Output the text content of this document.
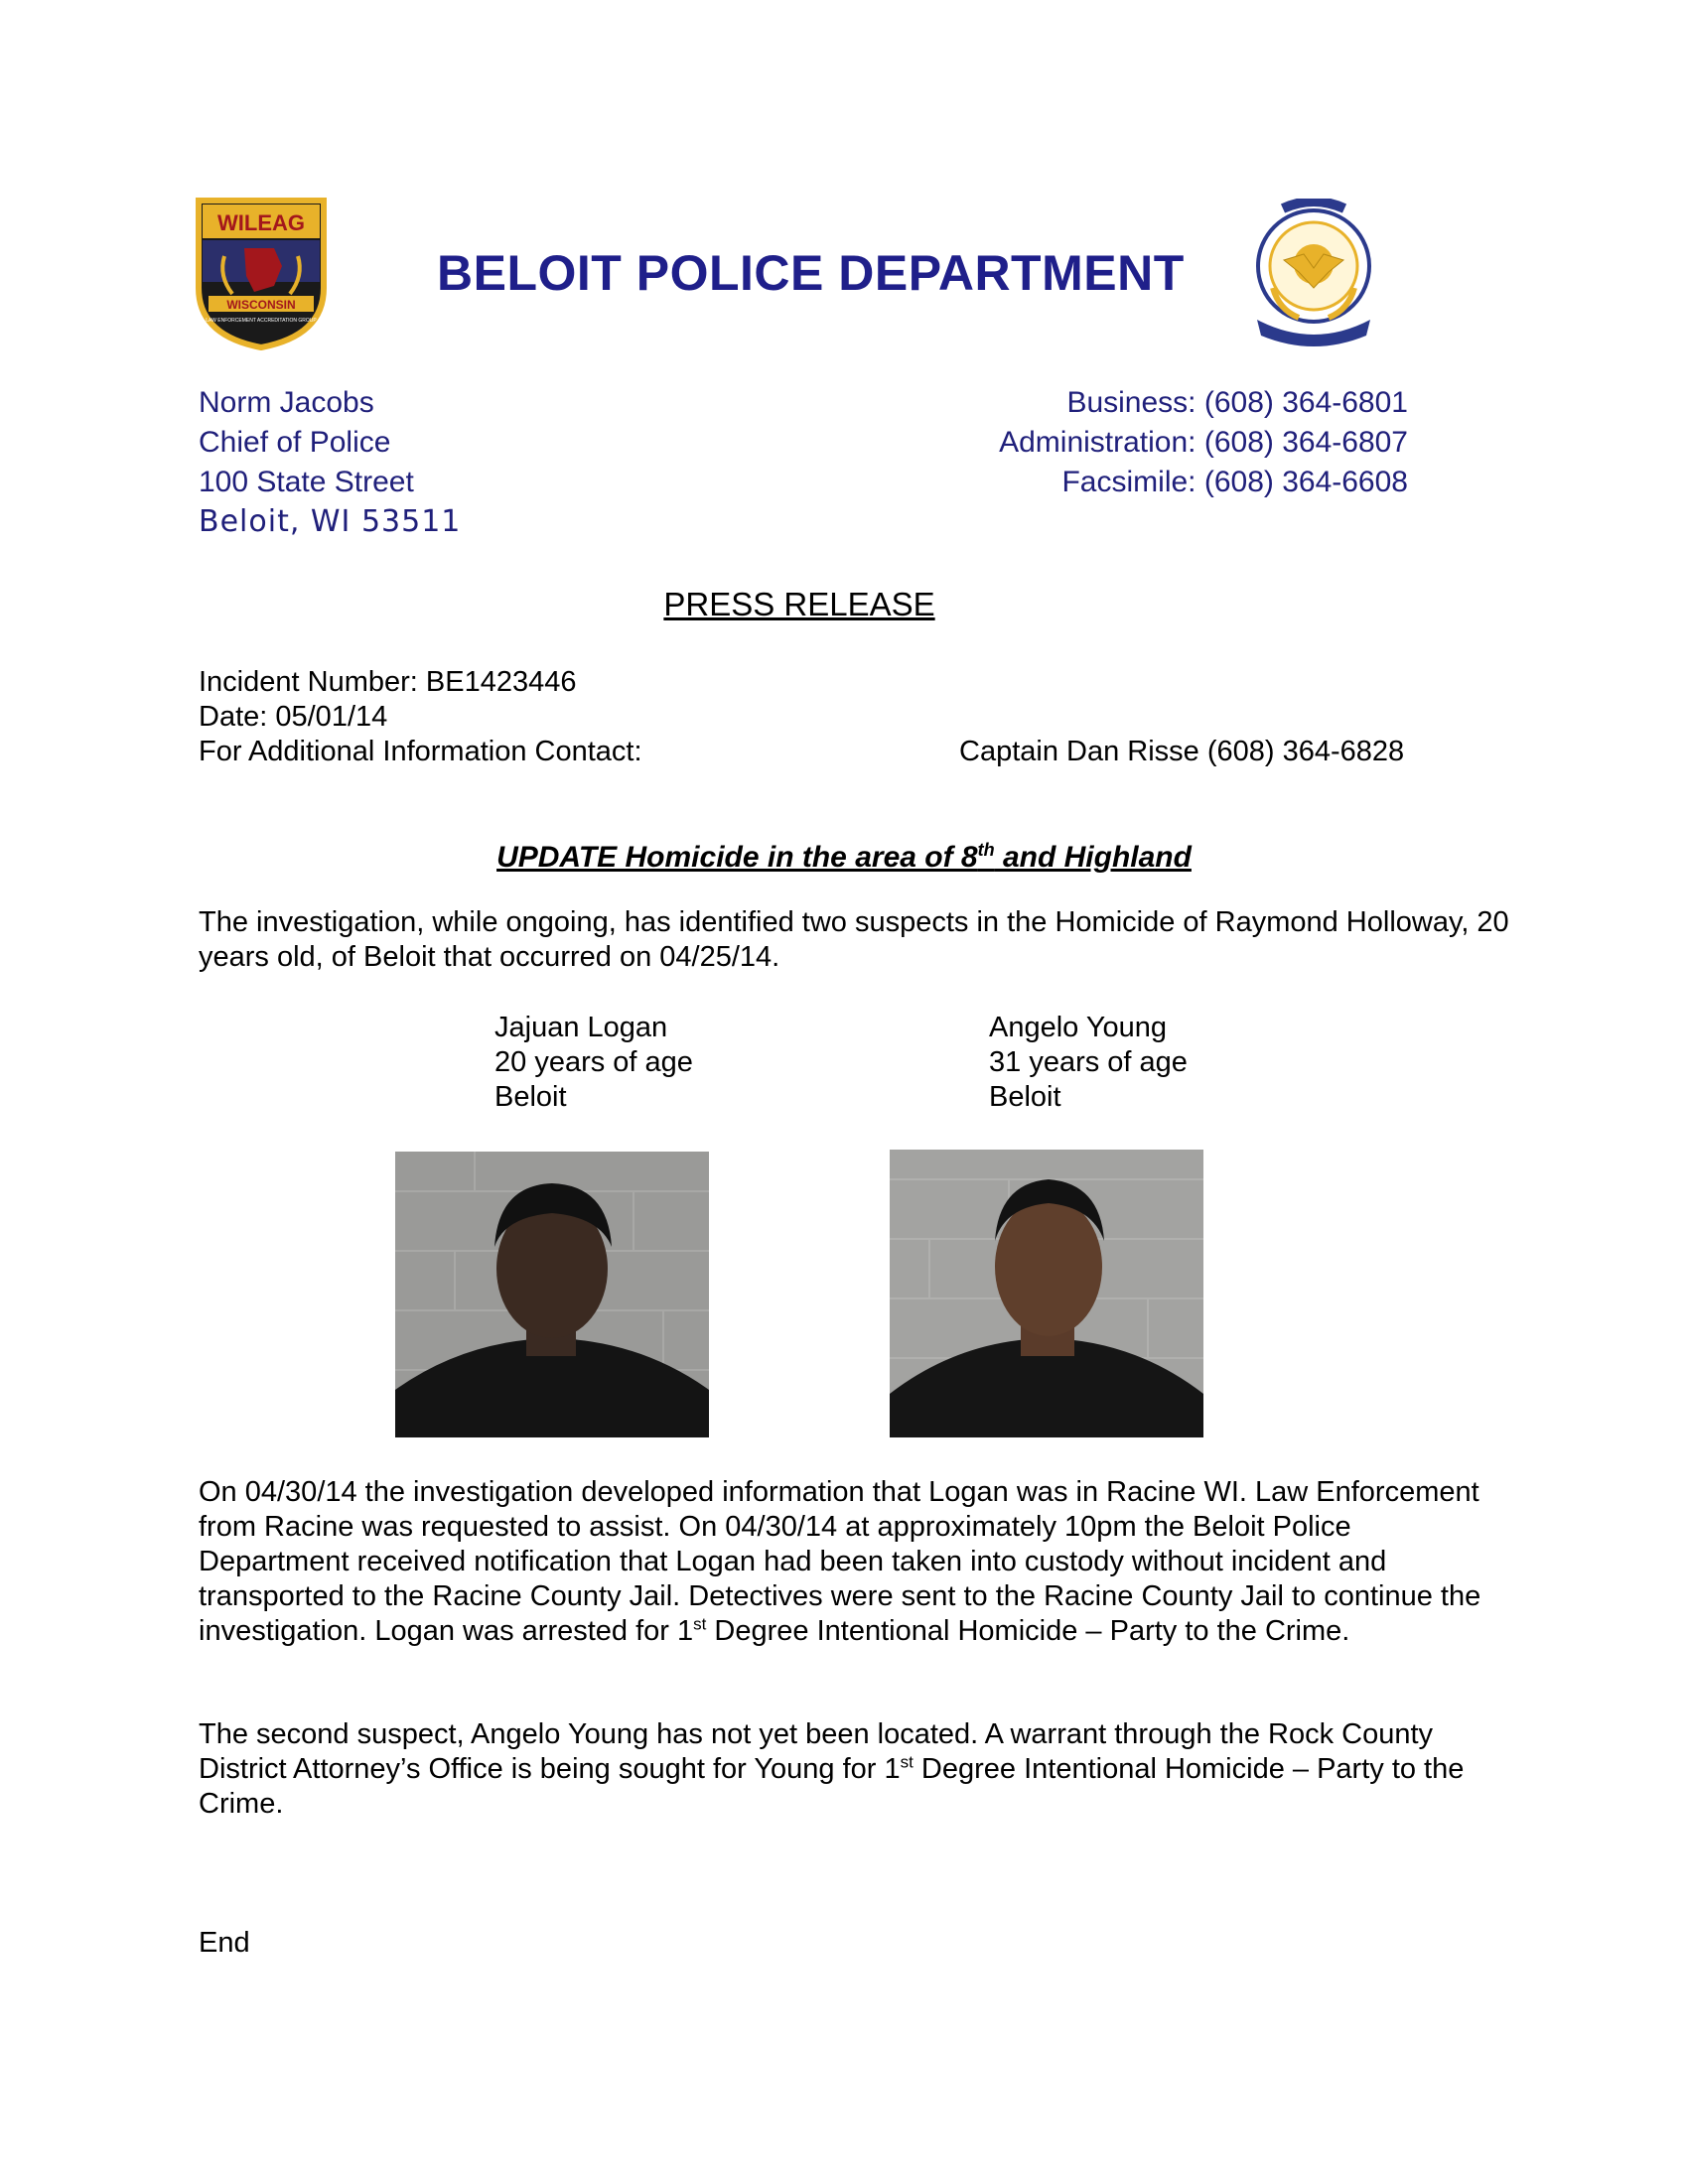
WILEAG
WISCONSIN
LAW ENFORCEMENT ACCREDITATION GROUP
BELOIT POLICE DEPARTMENT
Norm Jacobs
Chief of Police
100 State Street
Beloit, WI 53511
Business: (608) 364-6801
Administration: (608) 364-6807
Facsimile: (608) 364-6608
PRESS RELEASE
Incident Number: BE1423446
Date: 05/01/14
For Additional Information Contact:	Captain Dan Risse (608) 364-6828
UPDATE Homicide in the area of 8th and Highland
The investigation, while ongoing, has identified two suspects in the Homicide of Raymond Holloway, 20 years old, of Beloit that occurred on 04/25/14.
Jajuan Logan
20 years of age
Beloit
Angelo Young
31 years of age
Beloit
On 04/30/14 the investigation developed information that Logan was in Racine WI. Law Enforcement from Racine was requested to assist. On 04/30/14 at approximately 10pm the Beloit Police Department received notification that Logan had been taken into custody without incident and transported to the Racine County Jail. Detectives were sent to the Racine County Jail to continue the investigation. Logan was arrested for 1st Degree Intentional Homicide – Party to the Crime.
The second suspect, Angelo Young has not yet been located. A warrant through the Rock County District Attorney’s Office is being sought for Young for 1st Degree Intentional Homicide – Party to the Crime.
End
